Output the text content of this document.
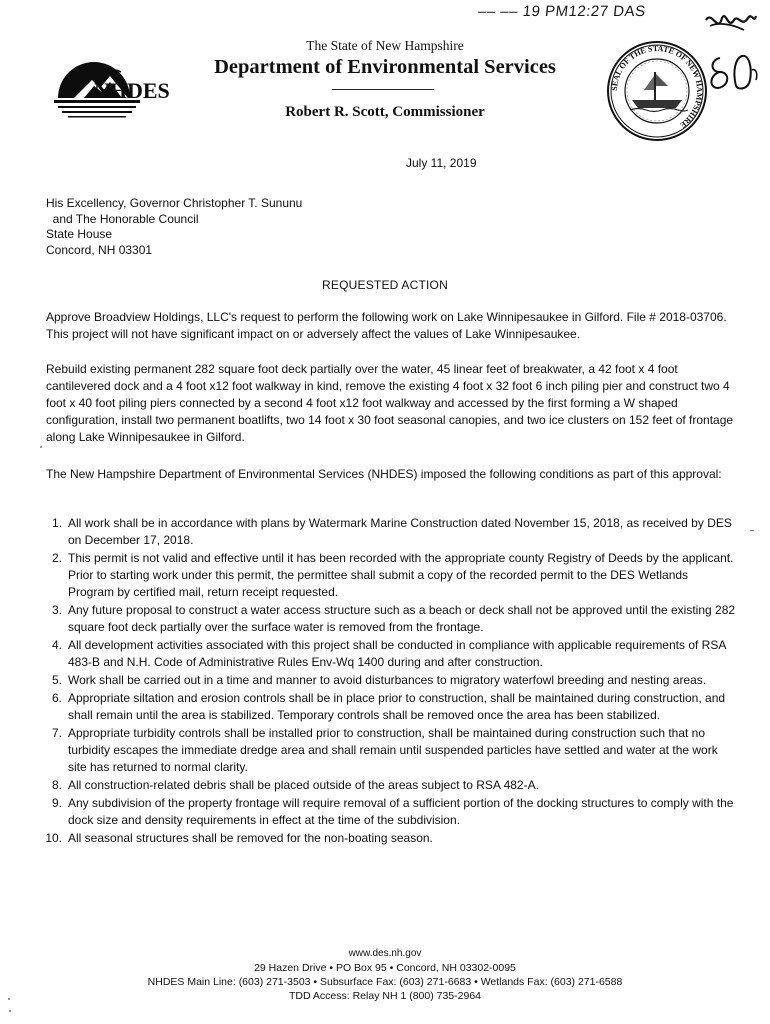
‒‒ ‒‒ 19 PM12:27 DAS
NHDES
The State of New Hampshire
Department of Environmental Services
Robert R. Scott, Commissioner
SEAL OF THE STATE OF NEW HAMPSHIRE
July 11, 2019
His Excellency, Governor Christopher T. Sununu
and The Honorable Council
State House
Concord, NH 03301
REQUESTED ACTION
Approve Broadview Holdings, LLC's request to perform the following work on Lake Winnipesaukee in Gilford. File # 2018-03706. This project will not have significant impact on or adversely affect the values of Lake Winnipesaukee.
Rebuild existing permanent 282 square foot deck partially over the water, 45 linear feet of breakwater, a 42 foot x 4 foot cantilevered dock and a 4 foot x12 foot walkway in kind, remove the existing 4 foot x 32 foot 6 inch piling pier and construct two 4 foot x 40 foot piling piers connected by a second 4 foot x12 foot walkway and accessed by the first forming a W shaped configuration, install two permanent boatlifts, two 14 foot x 30 foot seasonal canopies, and two ice clusters on 152 feet of frontage along Lake Winnipesaukee in Gilford.
The New Hampshire Department of Environmental Services (NHDES) imposed the following conditions as part of this approval:
1. All work shall be in accordance with plans by Watermark Marine Construction dated November 15, 2018, as received by DES on December 17, 2018.
2. This permit is not valid and effective until it has been recorded with the appropriate county Registry of Deeds by the applicant. Prior to starting work under this permit, the permittee shall submit a copy of the recorded permit to the DES Wetlands Program by certified mail, return receipt requested.
3. Any future proposal to construct a water access structure such as a beach or deck shall not be approved until the existing 282 square foot deck partially over the surface water is removed from the frontage.
4. All development activities associated with this project shall be conducted in compliance with applicable requirements of RSA 483-B and N.H. Code of Administrative Rules Env-Wq 1400 during and after construction.
5. Work shall be carried out in a time and manner to avoid disturbances to migratory waterfowl breeding and nesting areas.
6. Appropriate siltation and erosion controls shall be in place prior to construction, shall be maintained during construction, and shall remain until the area is stabilized. Temporary controls shall be removed once the area has been stabilized.
7. Appropriate turbidity controls shall be installed prior to construction, shall be maintained during construction such that no turbidity escapes the immediate dredge area and shall remain until suspended particles have settled and water at the work site has returned to normal clarity.
8. All construction-related debris shall be placed outside of the areas subject to RSA 482-A.
9. Any subdivision of the property frontage will require removal of a sufficient portion of the docking structures to comply with the dock size and density requirements in effect at the time of the subdivision.
10. All seasonal structures shall be removed for the non-boating season.
www.des.nh.gov
29 Hazen Drive • PO Box 95 • Concord, NH 03302-0095
NHDES Main Line: (603) 271-3503 • Subsurface Fax: (603) 271-6683 • Wetlands Fax: (603) 271-6588
TDD Access: Relay NH 1 (800) 735-2964
